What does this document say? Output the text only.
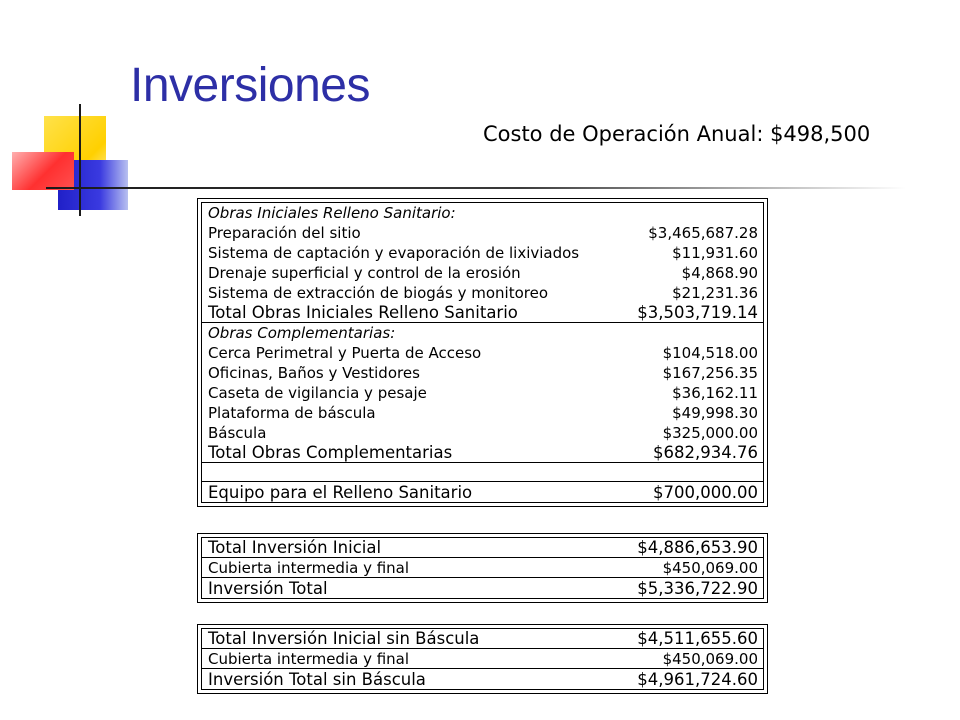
Inversiones
Costo de Operación Anual: $498,500
Obras Iniciales Relleno Sanitario:
Preparación del sitio	$3,465,687.28
Sistema de captación y evaporación de lixiviados	$11,931.60
Drenaje superficial y control de la erosión	$4,868.90
Sistema de extracción de biogás y monitoreo	$21,231.36
Total Obras Iniciales Relleno Sanitario	$3,503,719.14
Obras Complementarias:
Cerca Perimetral y Puerta de Acceso	$104,518.00
Oficinas, Baños y Vestidores	$167,256.35
Caseta de vigilancia y pesaje	$36,162.11
Plataforma de báscula	$49,998.30
Báscula	$325,000.00
Total Obras Complementarias	$682,934.76
Equipo para el Relleno Sanitario	$700,000.00
Total Inversión Inicial	$4,886,653.90
Cubierta intermedia y final	$450,069.00
Inversión Total	$5,336,722.90
Total Inversión Inicial sin Báscula	$4,511,655.60
Cubierta intermedia y final	$450,069.00
Inversión Total sin Báscula	$4,961,724.60
